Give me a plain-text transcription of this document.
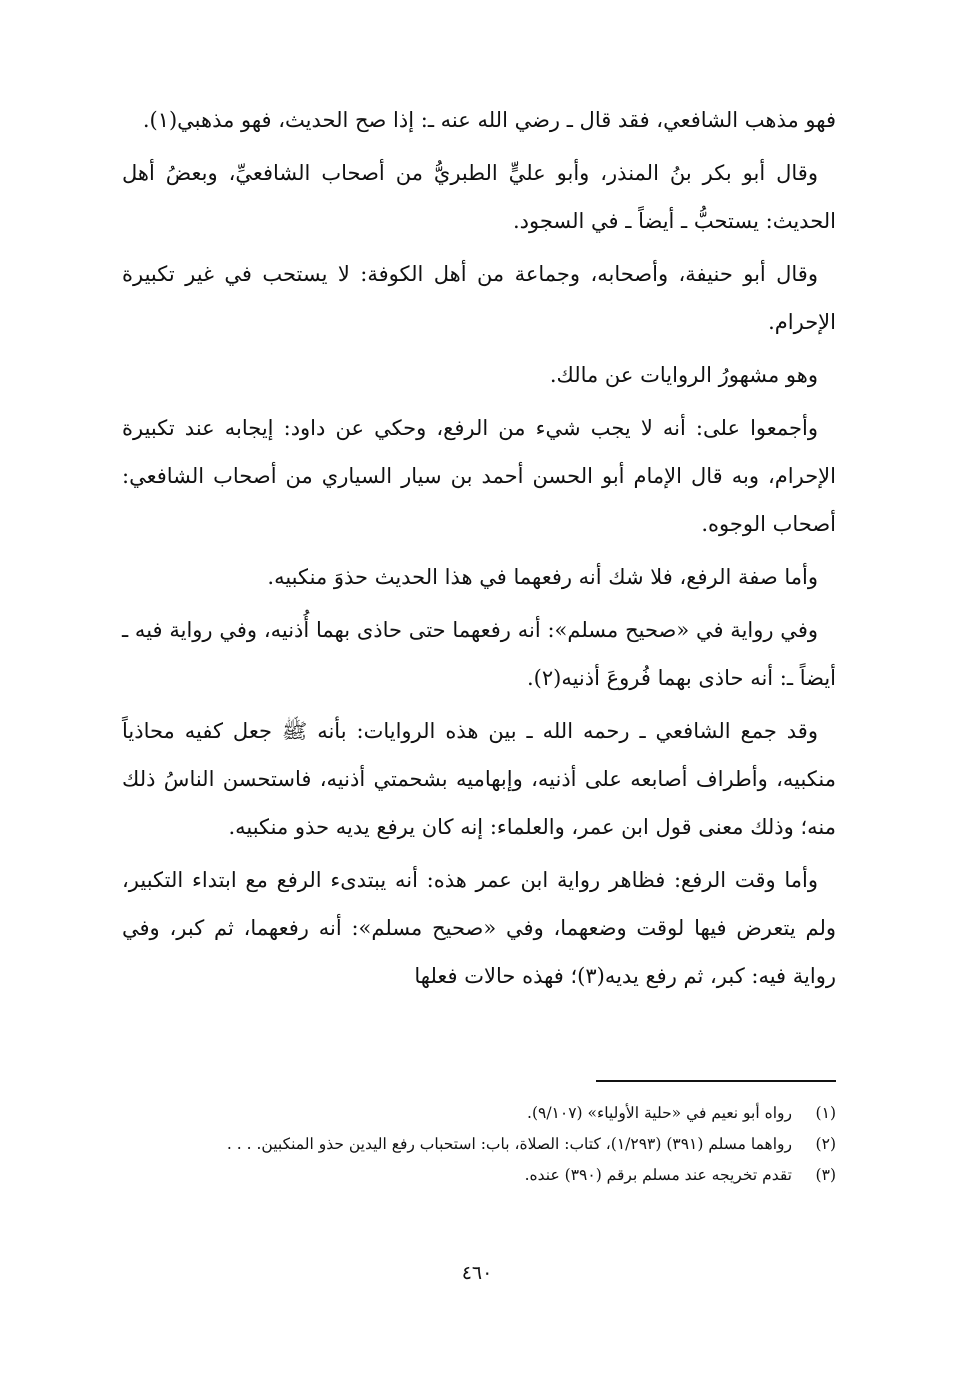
فهو مذهب الشافعي، فقد قال ـ رضي الله عنه ـ: إذا صح الحديث، فهو مذهبي(١).

وقال أبو بكر بنُ المنذر، وأبو عليٍّ الطبريُّ من أصحاب الشافعيِّ، وبعضُ أهل الحديث: يستحبُّ ـ أيضاً ـ في السجود.

وقال أبو حنيفة، وأصحابه، وجماعة من أهل الكوفة: لا يستحب في غير تكبيرة الإحرام.

وهو مشهورُ الروايات عن مالك.

وأجمعوا على: أنه لا يجب شيء من الرفع، وحكي عن داود: إيجابه عند تكبيرة الإحرام، وبه قال الإمام أبو الحسن أحمد بن سيار السياري من أصحاب الشافعي: أصحاب الوجوه.

وأما صفة الرفع، فلا شك أنه رفعهما في هذا الحديث حذوَ منكبيه.

وفي رواية في «صحيح مسلم»: أنه رفعهما حتى حاذى بهما أُذنيه، وفي رواية فيه ـ أيضاً ـ: أنه حاذى بهما فُروعَ أذنيه(٢).

وقد جمع الشافعي ـ رحمه الله ـ بين هذه الروايات: بأنه ﷺ جعل كفيه محاذياً منكبيه، وأطراف أصابعه على أذنيه، وإبهاميه بشحمتي أذنيه، فاستحسن الناسُ ذلك منه؛ وذلك معنى قول ابن عمر، والعلماء: إنه كان يرفع يديه حذو منكبيه.

وأما وقت الرفع: فظاهر رواية ابن عمر هذه: أنه يبتدىء الرفع مع ابتداء التكبير، ولم يتعرض فيها لوقت وضعهما، وفي «صحيح مسلم»: أنه رفعهما، ثم كبر، وفي رواية فيه: كبر، ثم رفع يديه(٣)؛ فهذه حالات فعلها

(١)
رواه أبو نعيم في «حلية الأولياء» (٩/١٠٧).
(٢)
رواهما مسلم (٣٩١) (١/٢٩٣)، كتاب: الصلاة، باب: استحباب رفع اليدين حذو المنكبين. . . .
(٣)
تقدم تخريجه عند مسلم برقم (٣٩٠) عنده.
٤٦٠
